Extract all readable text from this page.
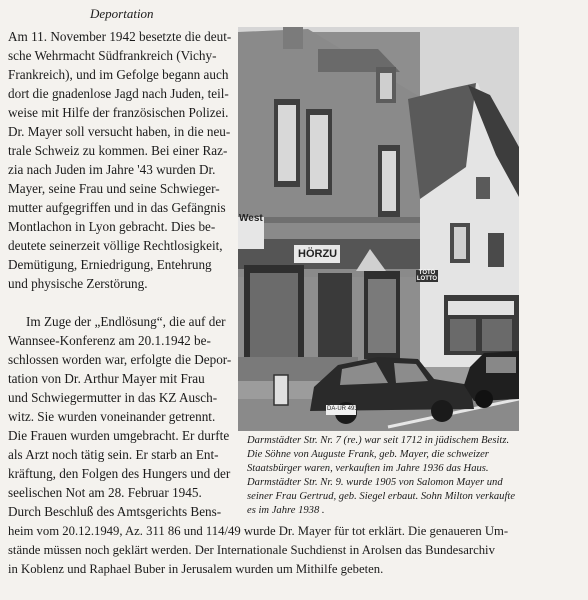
Deportation
Am 11. November 1942 besetzte die deut-
sche Wehrmacht Südfrankreich (Vichy-
Frankreich), und im Gefolge begann auch
dort die gnadenlose Jagd nach Juden, teil-
weise mit Hilfe der französischen Polizei.
Dr. Mayer soll versucht haben, in die neu-
trale Schweiz zu kommen. Bei einer Raz-
zia nach Juden im Jahre '43 wurden Dr.
Mayer, seine Frau und seine Schwieger-
mutter aufgegriffen und in das Gefängnis
Montlachon in Lyon gebracht. Dies be-
deutete seinerzeit völlige Rechtlosigkeit,
Demütigung, Erniedrigung, Entehrung
und physische Zerstörung.
Im Zuge der „Endlösung“, die auf der
Wannsee-Konferenz am 20.1.1942 be-
schlossen worden war, erfolgte die Depor-
tation von Dr. Arthur Mayer mit Frau
und Schwiegermutter in das KZ Ausch-
witz. Sie wurden voneinander getrennt.
Die Frauen wurden umgebracht. Er durfte
als Arzt noch tätig sein. Er starb an Ent-
kräftung, den Folgen des Hungers und der
seelischen Not am 28. Februar 1945.
Durch Beschluß des Amtsgerichts Bens-
heim vom 20.12.1949, Az. 311 86 und 114/49 wurde Dr. Mayer für tot erklärt. Die genaueren Um-
stände müssen noch geklärt werden. Der Internationale Suchdienst in Arolsen das Bundesarchiv
in Koblenz und Raphael Buber in Jerusalem wurden um Mithilfe gebeten.
West
HÖRZU
TOTO LOTTO
DA-UR 493
Darmstädter Str. Nr. 7 (re.) war seit 1712 in jüdischem Besitz.
Die Söhne von Auguste Frank, geb. Mayer, die schweizer
Staatsbürger waren, verkauften im Jahre 1936 das Haus.
Darmstädter Str. Nr. 9. wurde 1905 von Salomon Mayer und
seiner Frau Gertrud, geb. Siegel erbaut. Sohn Milton verkaufte
es im Jahre 1938 .
